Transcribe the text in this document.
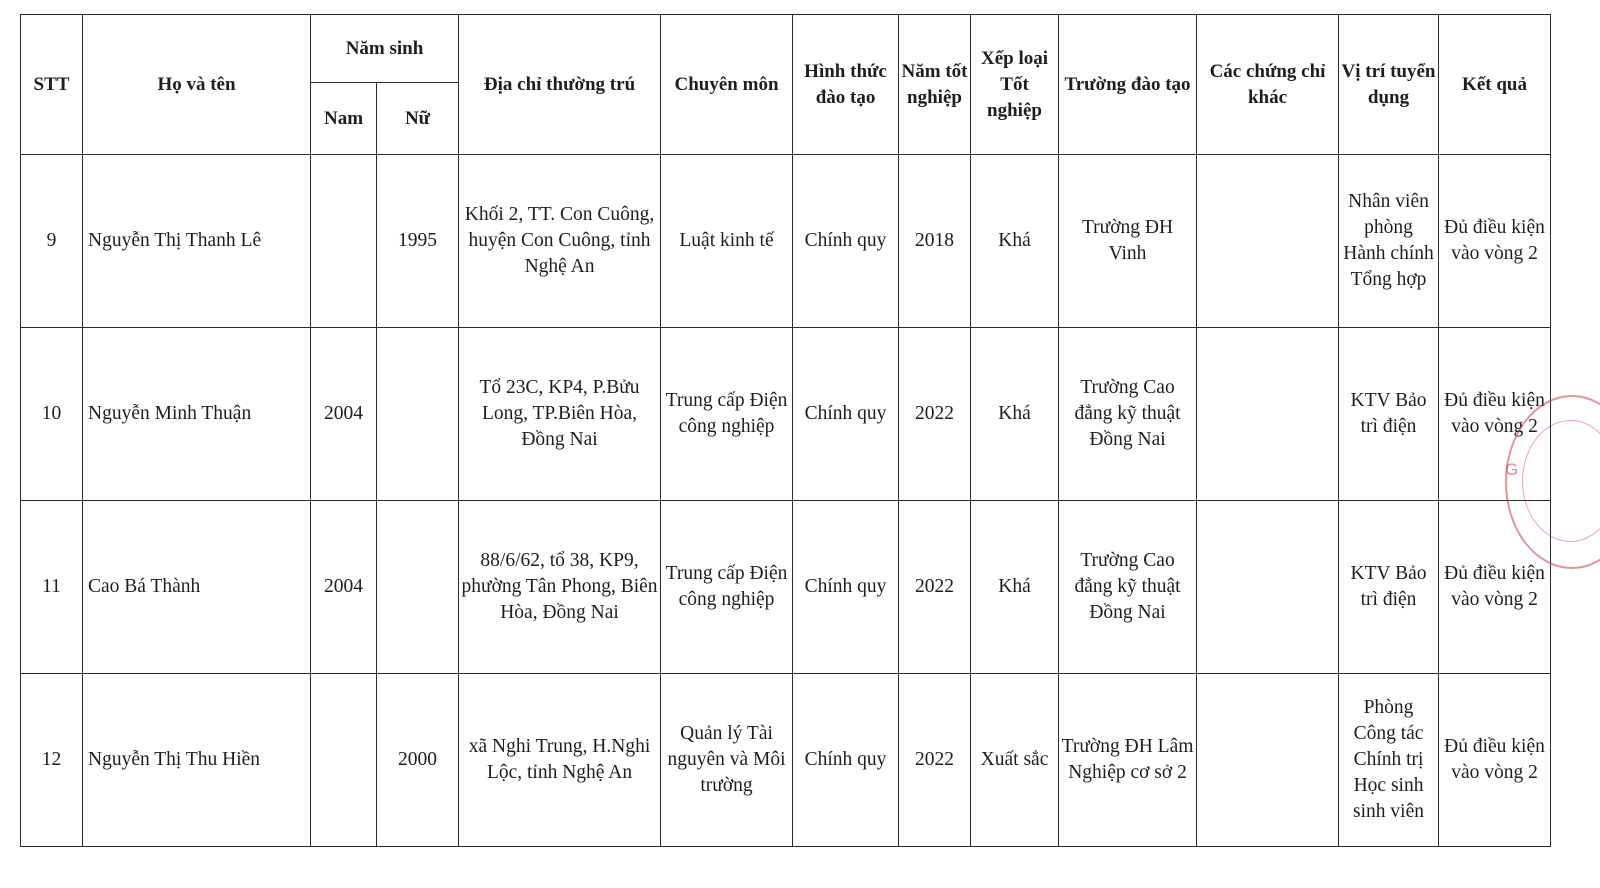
STT	Họ và tên	Năm sinh		Địa chỉ thường trú	Chuyên môn	Hình thức đào tạo	Năm tốt nghiệp	Xếp loại Tốt nghiệp	Trường đào tạo	Các chứng chỉ khác	Vị trí tuyển dụng	Kết quả
		Nam	Nữ									
9	Nguyễn Thị Thanh Lê		1995	Khối 2, TT. Con Cuông, huyện Con Cuông, tỉnh Nghệ An	Luật kinh tế	Chính quy	2018	Khá	Trường ĐH Vinh		Nhân viên phòng Hành chính Tổng hợp	Đủ điều kiện vào vòng 2
10	Nguyễn Minh Thuận	2004		Tổ 23C, KP4, P.Bửu Long, TP.Biên Hòa, Đồng Nai	Trung cấp Điện công nghiệp	Chính quy	2022	Khá	Trường Cao đẳng kỹ thuật Đồng Nai		KTV Bảo trì điện	Đủ điều kiện vào vòng 2
11	Cao Bá Thành	2004		88/6/62, tổ 38, KP9, phường Tân Phong, Biên Hòa, Đồng Nai	Trung cấp Điện công nghiệp	Chính quy	2022	Khá	Trường Cao đẳng kỹ thuật Đồng Nai		KTV Bảo trì điện	Đủ điều kiện vào vòng 2
12	Nguyễn Thị Thu Hiền		2000	xã Nghi Trung, H.Nghi Lộc, tỉnh Nghệ An	Quản lý Tài nguyên và Môi trường	Chính quy	2022	Xuất sắc	Trường ĐH Lâm Nghiệp cơ sở 2		Phòng Công tác Chính trị Học sinh sinh viên	Đủ điều kiện vào vòng 2
G
